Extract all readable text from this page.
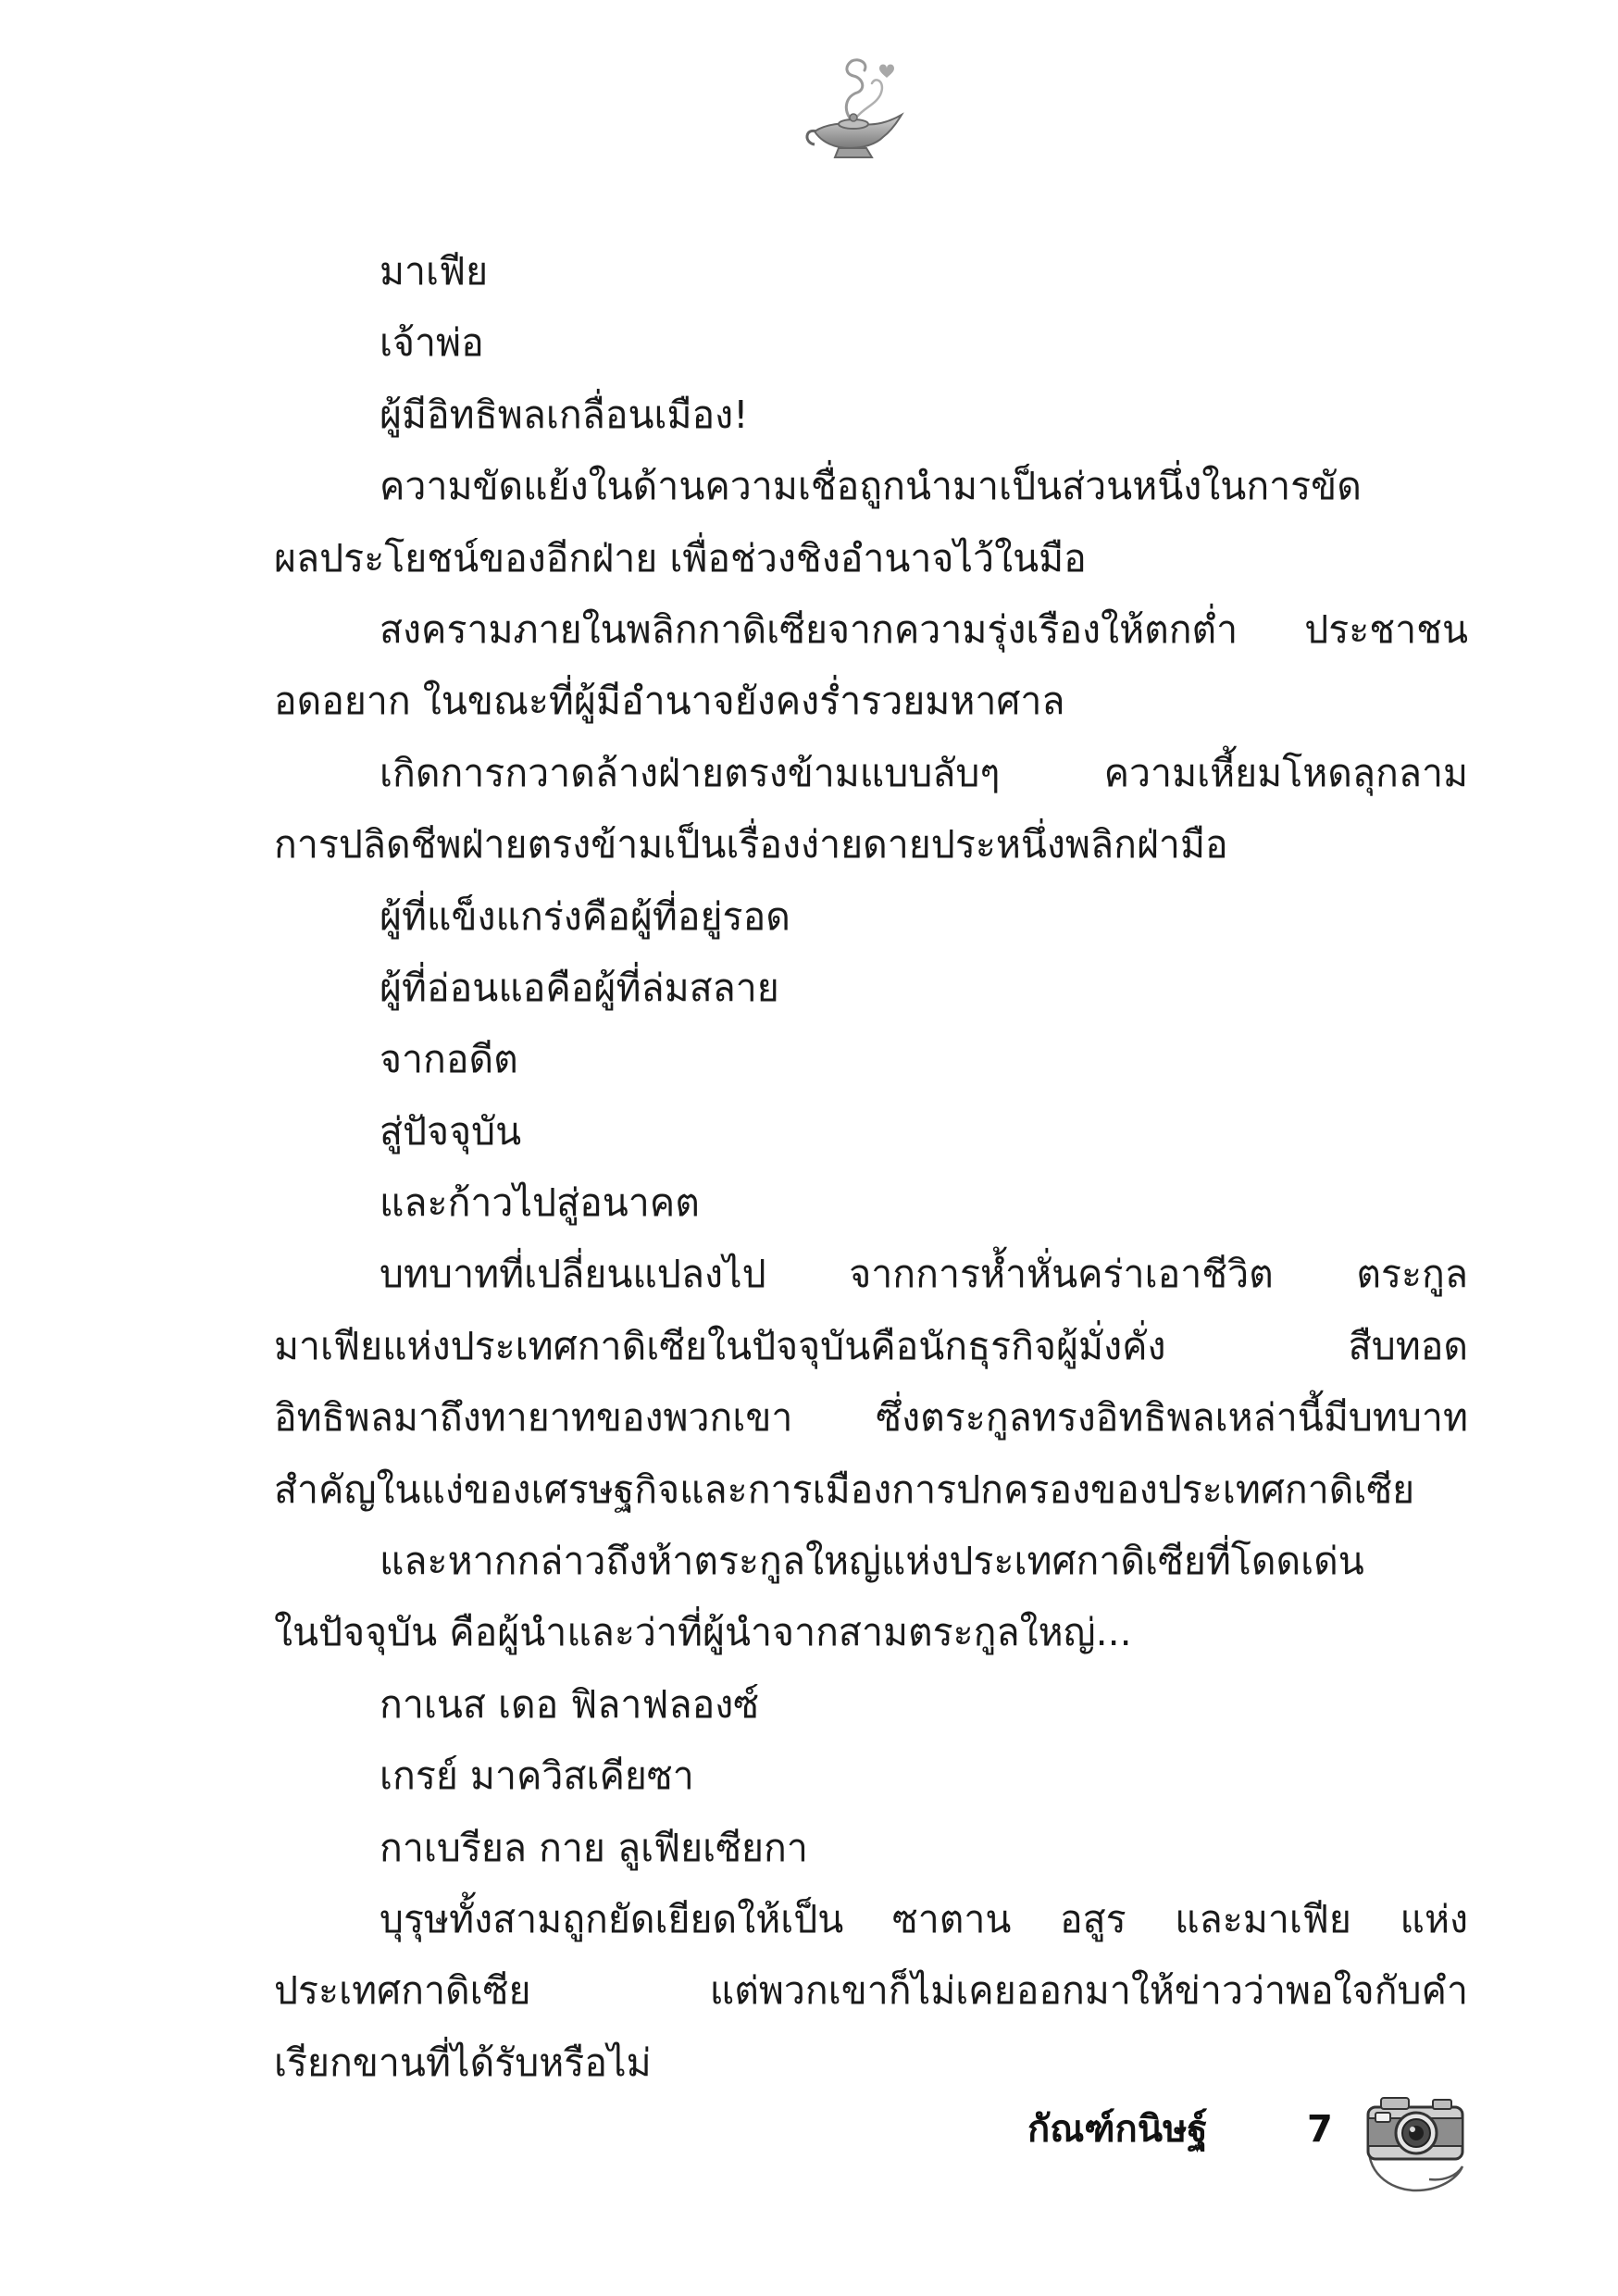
มาเฟีย
เจ้าพ่อ
ผู้มีอิทธิพลเกลื่อนเมือง!
ความขัดแย้งในด้านความเชื่อถูกนำมาเป็นส่วนหนึ่งในการขัด
ผลประโยชน์ของอีกฝ่าย เพื่อช่วงชิงอำนาจไว้ในมือ
สงครามภายในพลิกกาดิเซียจากความรุ่งเรืองให้ตกต่ำ ประชาชน
อดอยาก ในขณะที่ผู้มีอำนาจยังคงร่ำรวยมหาศาล
เกิดการกวาดล้างฝ่ายตรงข้ามแบบลับๆ ความเหี้ยมโหดลุกลาม
การปลิดชีพฝ่ายตรงข้ามเป็นเรื่องง่ายดายประหนึ่งพลิกฝ่ามือ
ผู้ที่แข็งแกร่งคือผู้ที่อยู่รอด
ผู้ที่อ่อนแอคือผู้ที่ล่มสลาย
จากอดีต
สู่ปัจจุบัน
และก้าวไปสู่อนาคต
บทบาทที่เปลี่ยนแปลงไป จากการห้ำหั่นคร่าเอาชีวิต ตระกูล
มาเฟียแห่งประเทศกาดิเซียในปัจจุบันคือนักธุรกิจผู้มั่งคั่ง สืบทอด
อิทธิพลมาถึงทายาทของพวกเขา ซึ่งตระกูลทรงอิทธิพลเหล่านี้มีบทบาท
สำคัญในแง่ของเศรษฐกิจและการเมืองการปกครองของประเทศกาดิเซีย
และหากกล่าวถึงห้าตระกูลใหญ่แห่งประเทศกาดิเซียที่โดดเด่น
ในปัจจุบัน คือผู้นำและว่าที่ผู้นำจากสามตระกูลใหญ่...
กาเนส เดอ ฟิลาฟลองซ์
เกรย์ มาควิสเคียซา
กาเบรียล กาย ลูเฟียเซียกา
บุรุษทั้งสามถูกยัดเยียดให้เป็น ซาตาน อสูร และมาเฟีย แห่ง
ประเทศกาดิเซีย แต่พวกเขาก็ไม่เคยออกมาให้ข่าวว่าพอใจกับคำ
เรียกขานที่ได้รับหรือไม่
กัณฑ์กนิษฐ์	7
